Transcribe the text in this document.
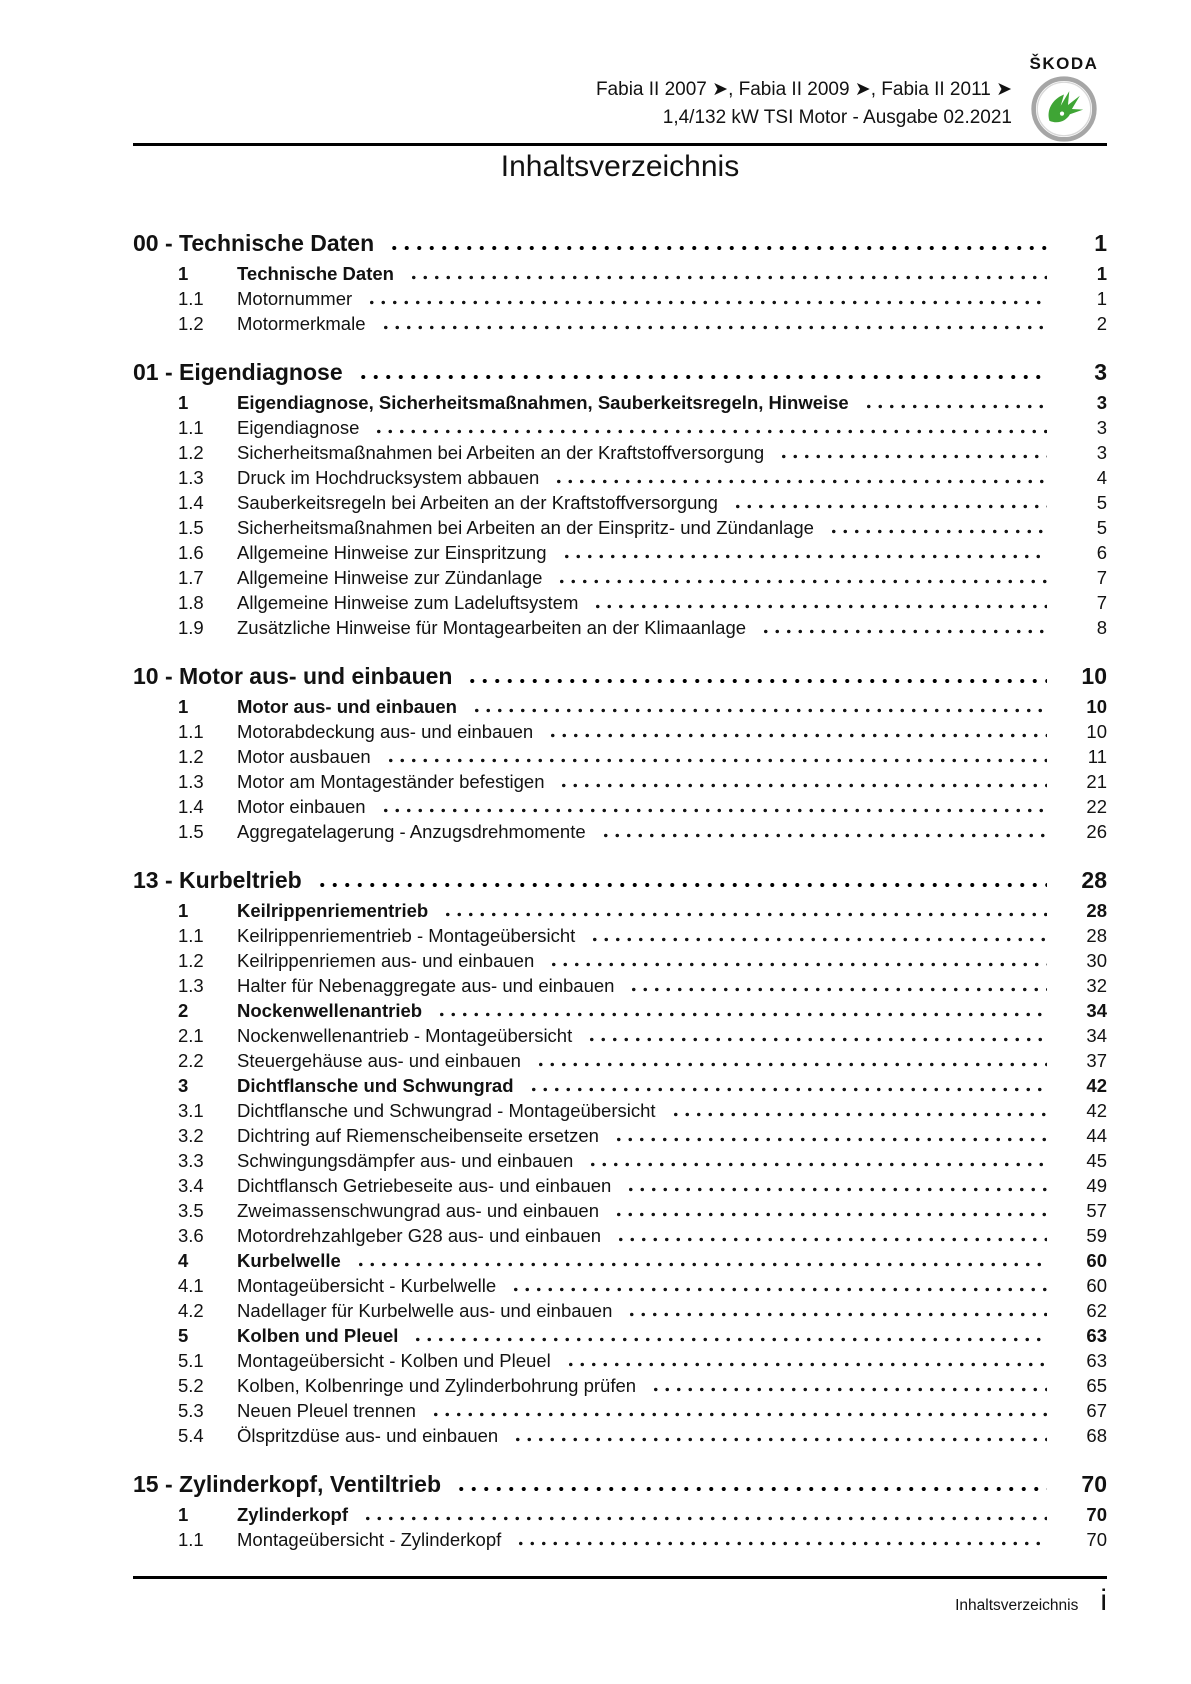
Fabia II 2007 ➤, Fabia II 2009 ➤, Fabia II 2011 ➤
1,4/132 kW TSI Motor - Ausgabe 02.2021
ŠKODA
Inhaltsverzeichnis
00 - Technische Daten	1
1	Technische Daten	1
1.1	Motornummer	1
1.2	Motormerkmale	2
01 - Eigendiagnose	3
1	Eigendiagnose, Sicherheitsmaßnahmen, Sauberkeitsregeln, Hinweise	3
1.1	Eigendiagnose	3
1.2	Sicherheitsmaßnahmen bei Arbeiten an der Kraftstoffversorgung	3
1.3	Druck im Hochdrucksystem abbauen	4
1.4	Sauberkeitsregeln bei Arbeiten an der Kraftstoffversorgung	5
1.5	Sicherheitsmaßnahmen bei Arbeiten an der Einspritz- und Zündanlage	5
1.6	Allgemeine Hinweise zur Einspritzung	6
1.7	Allgemeine Hinweise zur Zündanlage	7
1.8	Allgemeine Hinweise zum Ladeluftsystem	7
1.9	Zusätzliche Hinweise für Montagearbeiten an der Klimaanlage	8
10 - Motor aus- und einbauen	10
1	Motor aus- und einbauen	10
1.1	Motorabdeckung aus- und einbauen	10
1.2	Motor ausbauen	11
1.3	Motor am Montageständer befestigen	21
1.4	Motor einbauen	22
1.5	Aggregatelagerung - Anzugsdrehmomente	26
13 - Kurbeltrieb	28
1	Keilrippenriementrieb	28
1.1	Keilrippenriementrieb - Montageübersicht	28
1.2	Keilrippenriemen aus- und einbauen	30
1.3	Halter für Nebenaggregate aus- und einbauen	32
2	Nockenwellenantrieb	34
2.1	Nockenwellenantrieb - Montageübersicht	34
2.2	Steuergehäuse aus- und einbauen	37
3	Dichtflansche und Schwungrad	42
3.1	Dichtflansche und Schwungrad - Montageübersicht	42
3.2	Dichtring auf Riemenscheibenseite ersetzen	44
3.3	Schwingungsdämpfer aus- und einbauen	45
3.4	Dichtflansch Getriebeseite aus- und einbauen	49
3.5	Zweimassenschwungrad aus- und einbauen	57
3.6	Motordrehzahlgeber G28 aus- und einbauen	59
4	Kurbelwelle	60
4.1	Montageübersicht - Kurbelwelle	60
4.2	Nadellager für Kurbelwelle aus- und einbauen	62
5	Kolben und Pleuel	63
5.1	Montageübersicht - Kolben und Pleuel	63
5.2	Kolben, Kolbenringe und Zylinderbohrung prüfen	65
5.3	Neuen Pleuel trennen	67
5.4	Ölspritzdüse aus- und einbauen	68
15 - Zylinderkopf, Ventiltrieb	70
1	Zylinderkopf	70
1.1	Montageübersicht - Zylinderkopf	70
Inhaltsverzeichnis i
